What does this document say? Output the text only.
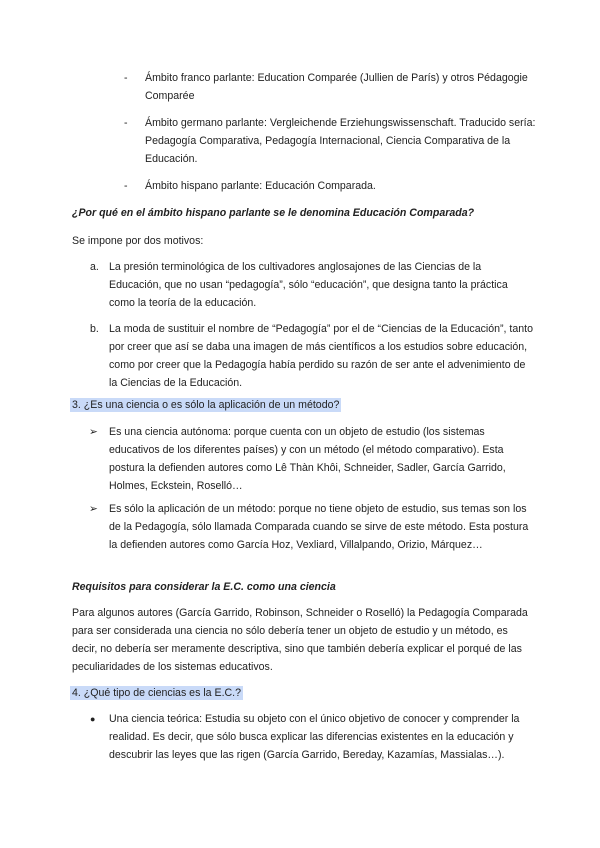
- Ámbito franco parlante: Education Comparée (Jullien de París) y otros Pédagogie Comparée

- Ámbito germano parlante: Vergleichende Erziehungswissenschaft. Traducido sería: Pedagogía Comparativa, Pedagogía Internacional, Ciencia Comparativa de la Educación.

- Ámbito hispano parlante: Educación Comparada.

¿Por qué en el ámbito hispano parlante se le denomina Educación Comparada?

Se impone por dos motivos:

a. La presión terminológica de los cultivadores anglosajones de las Ciencias de la Educación, que no usan “pedagogía”, sólo “educación”, que designa tanto la práctica como la teoría de la educación.

b. La moda de sustituir el nombre de “Pedagogía” por el de “Ciencias de la Educación”, tanto por creer que así se daba una imagen de más científicos a los estudios sobre educación, como por creer que la Pedagogía había perdido su razón de ser ante el advenimiento de la Ciencias de la Educación.

3. ¿Es una ciencia o es sólo la aplicación de un método?

➢ Es una ciencia autónoma: porque cuenta con un objeto de estudio (los sistemas educativos de los diferentes países) y con un método (el método comparativo). Esta postura la defienden autores como Lê Thàn Khôi, Schneider, Sadler, García Garrido, Holmes, Eckstein, Roselló…

➢ Es sólo la aplicación de un método: porque no tiene objeto de estudio, sus temas son los de la Pedagogía, sólo llamada Comparada cuando se sirve de este método. Esta postura la defienden autores como García Hoz, Vexliard, Villalpando, Orizio, Márquez…

Requisitos para considerar la E.C. como una ciencia

Para algunos autores (García Garrido, Robinson, Schneider o Roselló) la Pedagogía Comparada para ser considerada una ciencia no sólo debería tener un objeto de estudio y un método, es decir, no debería ser meramente descriptiva, sino que también debería explicar el porqué de las peculiaridades de los sistemas educativos.

4. ¿Qué tipo de ciencias es la E.C.?

● Una ciencia teórica: Estudia su objeto con el único objetivo de conocer y comprender la realidad. Es decir, que sólo busca explicar las diferencias existentes en la educación y descubrir las leyes que las rigen (García Garrido, Bereday, Kazamías, Massialas…).
